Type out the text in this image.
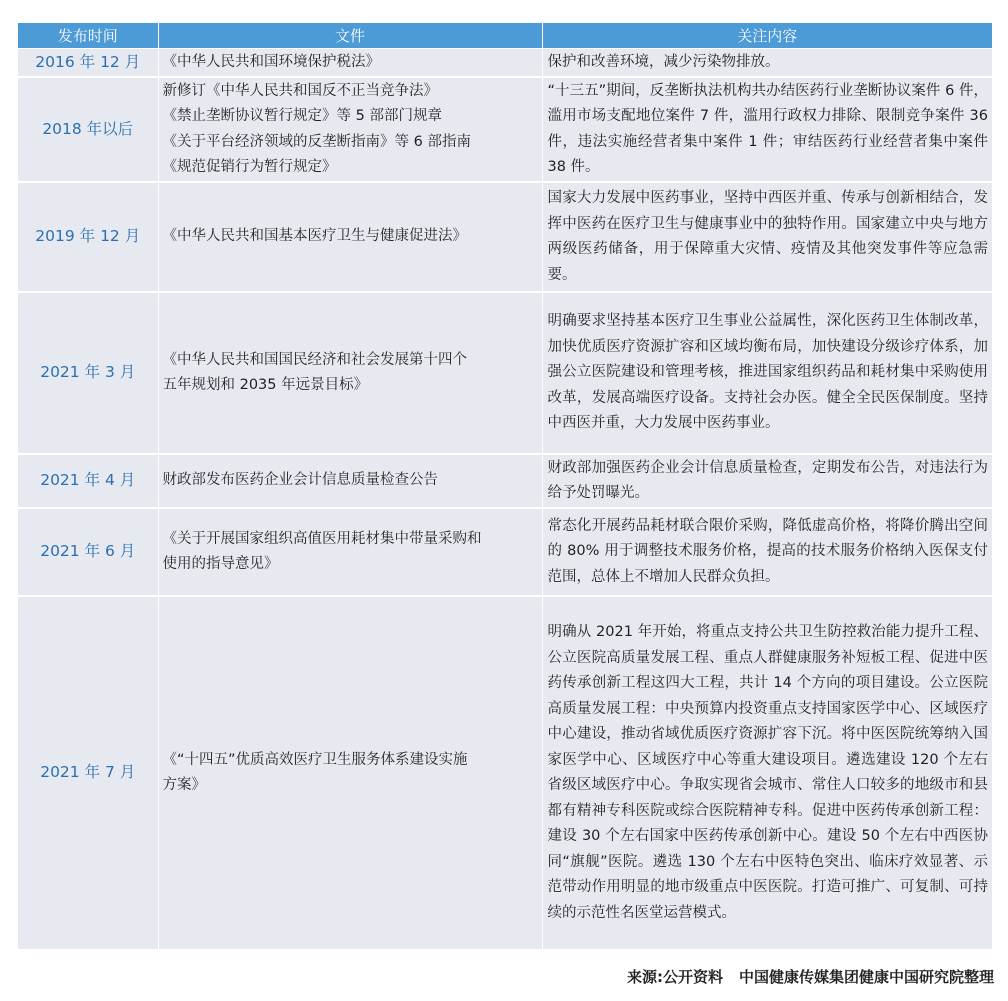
发布时间	文件	关注内容
2016 年 12 月	《中华人民共和国环境保护税法》	保护和改善环境，减少污染物排放。
2018 年以后	新修订《中华人民共和国反不正当竞争法》
《禁止垄断协议暂行规定》等 5 部部门规章
《关于平台经济领域的反垄断指南》等 6 部指南
《规范促销行为暂行规定》	“十三五”期间，反垄断执法机构共办结医药行业垄断协议案件 6 件，滥用市场支配地位案件 7 件，滥用行政权力排除、限制竞争案件 36 件，违法实施经营者集中案件 1 件；审结医药行业经营者集中案件 38 件。
2019 年 12 月	《中华人民共和国基本医疗卫生与健康促进法》	国家大力发展中医药事业，坚持中西医并重、传承与创新相结合，发挥中医药在医疗卫生与健康事业中的独特作用。国家建立中央与地方两级医药储备，用于保障重大灾情、疫情及其他突发事件等应急需要。
2021 年 3 月	《中华人民共和国国民经济和社会发展第十四个
五年规划和 2035 年远景目标》	明确要求坚持基本医疗卫生事业公益属性，深化医药卫生体制改革，加快优质医疗资源扩容和区域均衡布局，加快建设分级诊疗体系，加强公立医院建设和管理考核，推进国家组织药品和耗材集中采购使用改革，发展高端医疗设备。支持社会办医。健全全民医保制度。坚持中西医并重，大力发展中医药事业。
2021 年 4 月	财政部发布医药企业会计信息质量检查公告	财政部加强医药企业会计信息质量检查，定期发布公告，对违法行为给予处罚曝光。
2021 年 6 月	《关于开展国家组织高值医用耗材集中带量采购和
使用的指导意见》	常态化开展药品耗材联合限价采购，降低虚高价格，将降价腾出空间的 80% 用于调整技术服务价格，提高的技术服务价格纳入医保支付范围，总体上不增加人民群众负担。
2021 年 7 月	《“十四五”优质高效医疗卫生服务体系建设实施
方案》	明确从 2021 年开始，将重点支持公共卫生防控救治能力提升工程、公立医院高质量发展工程、重点人群健康服务补短板工程、促进中医药传承创新工程这四大工程，共计 14 个方向的项目建设。公立医院高质量发展工程：中央预算内投资重点支持国家医学中心、区域医疗中心建设，推动省域优质医疗资源扩容下沉。将中医医院统筹纳入国家医学中心、区域医疗中心等重大建设项目。遴选建设 120 个左右省级区域医疗中心。争取实现省会城市、常住人口较多的地级市和县都有精神专科医院或综合医院精神专科。促进中医药传承创新工程：建设 30 个左右国家中医药传承创新中心。建设 50 个左右中西医协同“旗舰”医院。遴选 130 个左右中医特色突出、临床疗效显著、示范带动作用明显的地市级重点中医医院。打造可推广、可复制、可持续的示范性名医堂运营模式。
来源:公开资料 中国健康传媒集团健康中国研究院整理
